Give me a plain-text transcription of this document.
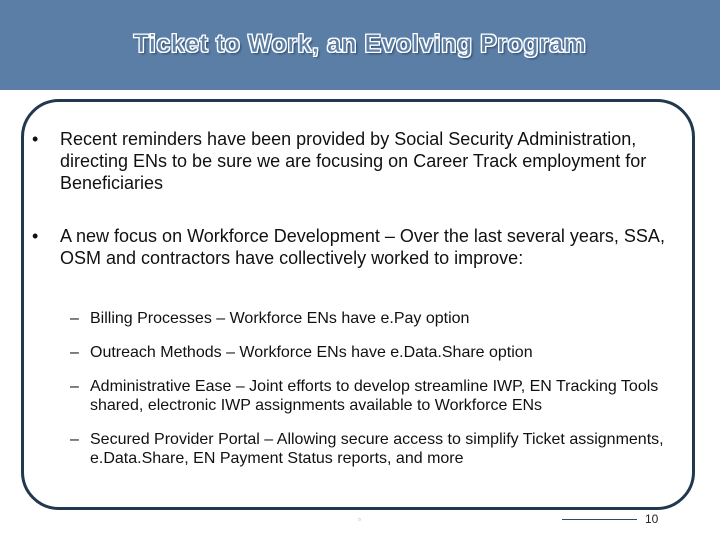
Ticket to Work, an Evolving Program
• Recent reminders have been provided by Social Security Administration, directing ENs to be sure we are focusing on Career Track employment for Beneficiaries
• A new focus on Workforce Development – Over the last several years, SSA, OSM and contractors have collectively worked to improve:
– Billing Processes – Workforce ENs have e.Pay option
– Outreach Methods – Workforce ENs have e.Data.Share option
– Administrative Ease – Joint efforts to develop streamline IWP, EN Tracking Tools shared, electronic IWP assignments available to Workforce ENs
– Secured Provider Portal – Allowing secure access to simplify Ticket assignments, e.Data.Share, EN Payment Status reports, and more
▫	10
